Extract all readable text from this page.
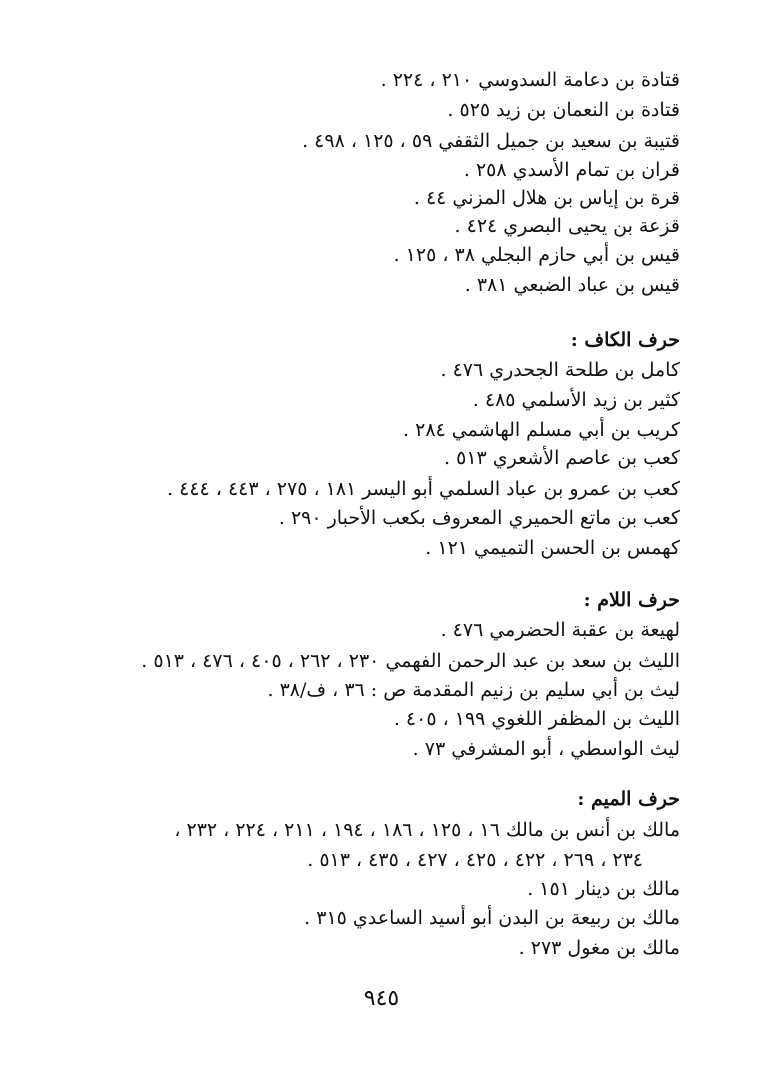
قتادة بن دعامة السدوسي ٢١٠ ، ٢٢٤ .
قتادة بن النعمان بن زيد ٥٢٥ .
قتيبة بن سعيد بن جميل الثقفي ٥٩ ، ١٢٥ ، ٤٩٨ .
قران بن تمام الأسدي ٢٥٨ .
قرة بن إياس بن هلال المزني ٤٤ .
قزعة بن يحيى البصري ٤٢٤ .
قيس بن أبي حازم البجلي ٣٨ ، ١٢٥ .
قيس بن عباد الضبعي ٣٨١ .
حرف الكاف :
كامل بن طلحة الجحدري ٤٧٦ .
كثير بن زيد الأسلمي ٤٨٥ .
كريب بن أبي مسلم الهاشمي ٢٨٤ .
كعب بن عاصم الأشعري ٥١٣ .
كعب بن عمرو بن عباد السلمي أبو اليسر ١٨١ ، ٢٧٥ ، ٤٤٣ ، ٤٤٤ .
كعب بن ماتع الحميري المعروف بكعب الأحبار ٢٩٠ .
كهمس بن الحسن التميمي ١٢١ .
حرف اللام :
لهيعة بن عقبة الحضرمي ٤٧٦ .
الليث بن سعد بن عبد الرحمن الفهمي ٢٣٠ ، ٢٦٢ ، ٤٠٥ ، ٤٧٦ ، ٥١٣ .
ليث بن أبي سليم بن زنيم المقدمة ص : ٣٦ ، ف/٣٨ .
الليث بن المظفر اللغوي ١٩٩ ، ٤٠٥ .
ليث الواسطي ، أبو المشرفي ٧٣ .
حرف الميم :
مالك بن أنس بن مالك ١٦ ، ١٢٥ ، ١٨٦ ، ١٩٤ ، ٢١١ ، ٢٢٤ ، ٢٣٢ ،
٢٣٤ ، ٢٦٩ ، ٤٢٢ ، ٤٢٥ ، ٤٢٧ ، ٤٣٥ ، ٥١٣ .
مالك بن دينار ١٥١ .
مالك بن ربيعة بن البدن أبو أسيد الساعدي ٣١٥ .
مالك بن مغول ٢٧٣ .
٩٤٥
